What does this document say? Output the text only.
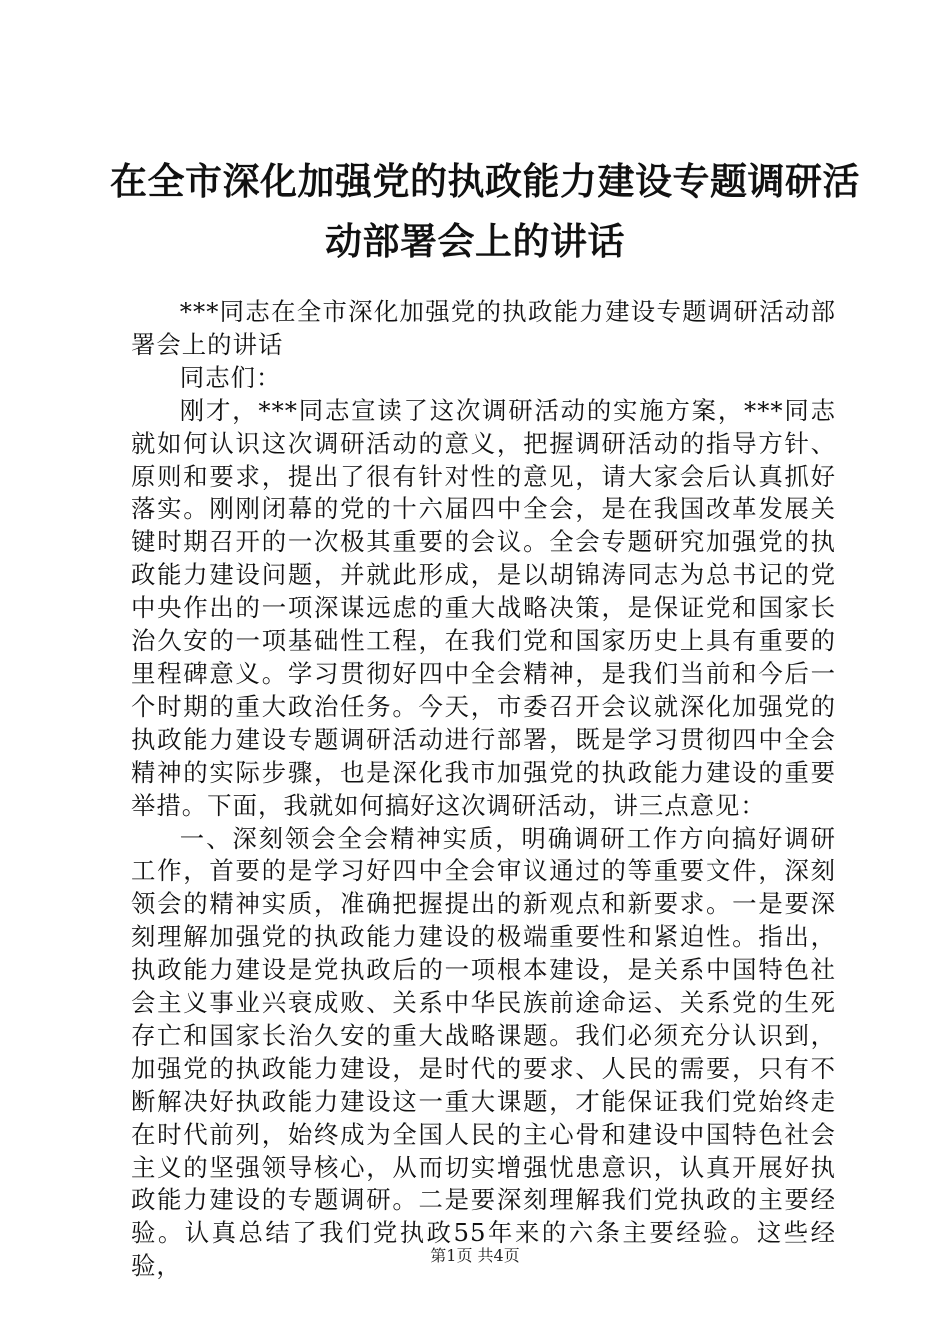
在全市深化加强党的执政能力建设专题调研活
动部署会上的讲话

***同志在全市深化加强党的执政能力建设专题调研活动部署会上的讲话

同志们：

刚才，***同志宣读了这次调研活动的实施方案，***同志就如何认识这次调研活动的意义，把握调研活动的指导方针、原则和要求，提出了很有针对性的意见，请大家会后认真抓好落实。刚刚闭幕的党的十六届四中全会，是在我国改革发展关键时期召开的一次极其重要的会议。全会专题研究加强党的执政能力建设问题，并就此形成，是以胡锦涛同志为总书记的党中央作出的一项深谋远虑的重大战略决策，是保证党和国家长治久安的一项基础性工程，在我们党和国家历史上具有重要的里程碑意义。学习贯彻好四中全会精神，是我们当前和今后一个时期的重大政治任务。今天，市委召开会议就深化加强党的执政能力建设专题调研活动进行部署，既是学习贯彻四中全会精神的实际步骤，也是深化我市加强党的执政能力建设的重要举措。下面，我就如何搞好这次调研活动，讲三点意见：

一、深刻领会全会精神实质，明确调研工作方向搞好调研工作，首要的是学习好四中全会审议通过的等重要文件，深刻领会的精神实质，准确把握提出的新观点和新要求。一是要深刻理解加强党的执政能力建设的极端重要性和紧迫性。指出，执政能力建设是党执政后的一项根本建设，是关系中国特色社会主义事业兴衰成败、关系中华民族前途命运、关系党的生死存亡和国家长治久安的重大战略课题。我们必须充分认识到，加强党的执政能力建设，是时代的要求、人民的需要，只有不断解决好执政能力建设这一重大课题，才能保证我们党始终走在时代前列，始终成为全国人民的主心骨和建设中国特色社会主义的坚强领导核心，从而切实增强忧患意识，认真开展好执政能力建设的专题调研。二是要深刻理解我们党执政的主要经验。认真总结了我们党执政55年来的六条主要经验。这些经验，	第1页 共4页
